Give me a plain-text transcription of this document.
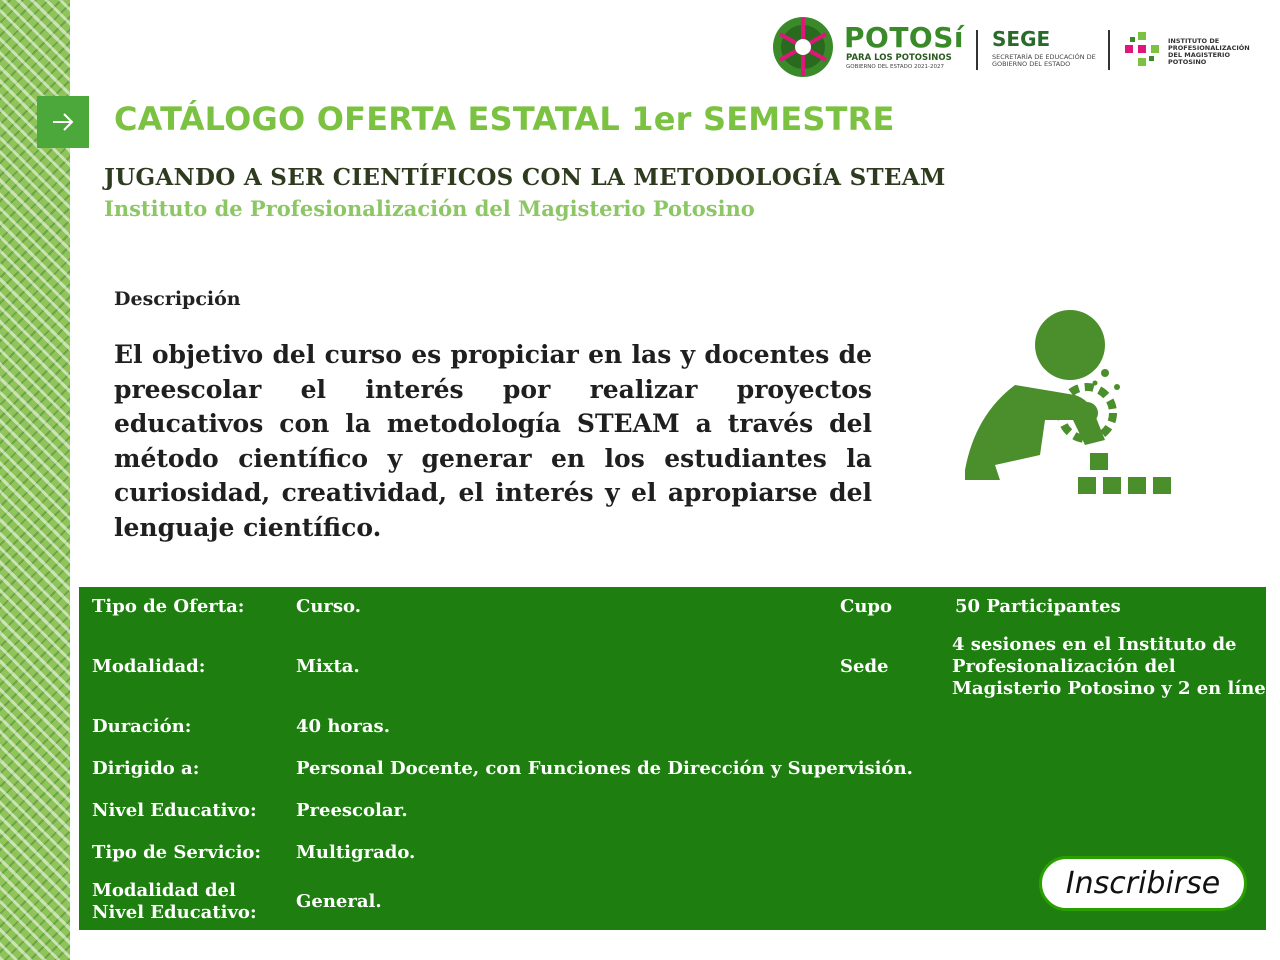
POTOSí
PARA LOS POTOSINOS
GOBIERNO DEL ESTADO 2021-2027
SEGE
SECRETARÍA DE EDUCACIÓN DE GOBIERNO DEL ESTADO
INSTITUTO DE PROFESIONALIZACIÓN DEL MAGISTERIO POTOSINO
CATÁLOGO OFERTA ESTATAL 1er SEMESTRE
JUGANDO A SER CIENTÍFICOS CON LA METODOLOGÍA STEAM
Instituto de Profesionalización del Magisterio Potosino
Descripción
El objetivo del curso es propiciar en las y docentes de preescolar el interés por realizar proyectos educativos con la metodología STEAM a través del método científico y generar en los estudiantes la curiosidad, creatividad, el interés y el apropiarse del lenguaje científico.
Tipo de Oferta:	Curso.	Cupo	50 Participantes
Modalidad:	Mixta.	Sede
4 sesiones en el Instituto de
Profesionalización del
Magisterio Potosino y 2 en línea
Duración:	40 horas.
Dirigido a:	Personal Docente, con Funciones de Dirección y Supervisión.
Nivel Educativo: Preescolar.
Tipo de Servicio: Multigrado.
Modalidad del
Nivel Educativo:
General.
Inscribirse
